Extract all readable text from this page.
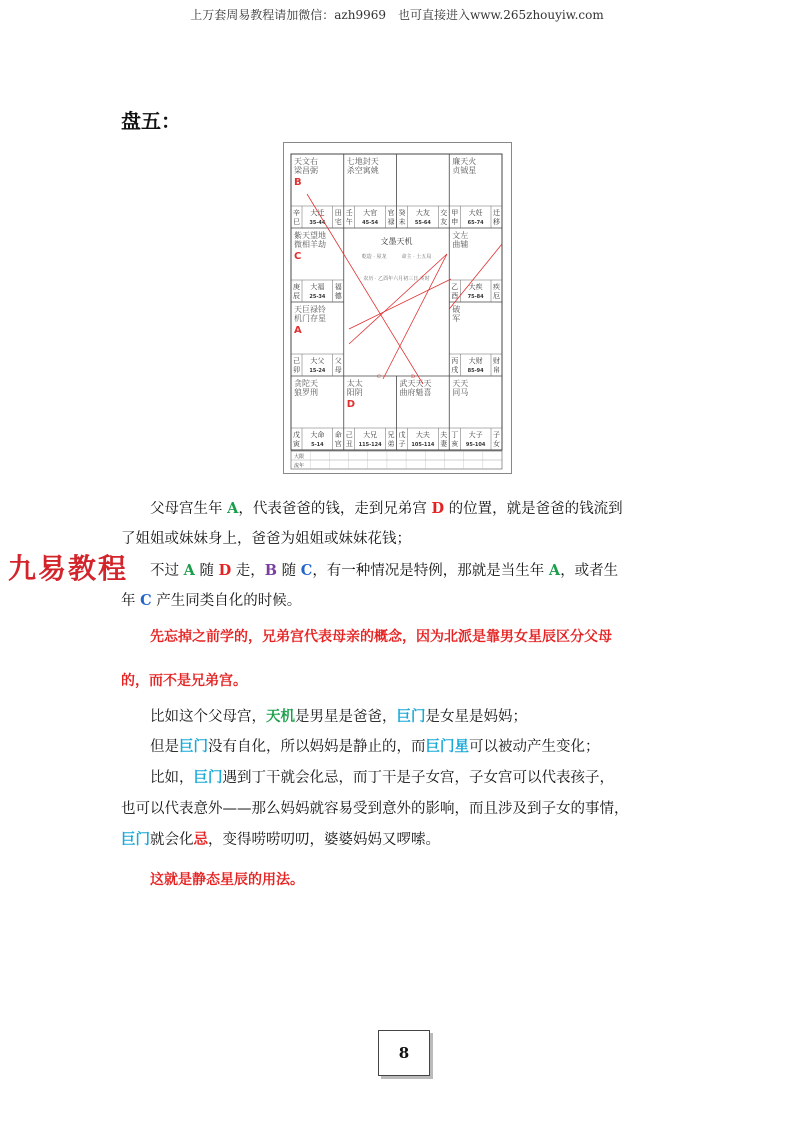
上万套周易教程请加微信：azh9969　也可直接进入www.265zhouyiw.com
盘五：
天文右
梁昌弼
B
辛
巳
大迁
35-44
田
宅
七地封天
杀空寓姚
壬
午
大官
45-54
官
禄
癸
未
大友
55-64
交
友
廉天火
贞钺星
甲
申
大妊
65-74
迁
移
紫天望地
微相羊劫
C
庚
辰
大福
25-34
福
德
文左
曲辅
乙
酉
大疾
75-84
疾
厄
天巨禄铃
机门存星
A
己
卯
大父
15-24
父
母
破
军
丙
戌
大财
85-94
财
帛
贪陀天
狼罗刑
戊
寅
大命
5-14
命
宫
太太
阳阴
D
己
丑
大兄
115-124
兄
弟
武天天天
曲府魁喜
戊
子
大夫
105-114
夫
妻
天天
同马
丁
亥
大子
95-104
子
女
文墨天机
乾造 · 屋龙　　　命主 · 土五局
农历 · 乙酉年六月初三日 亥时
C	D
大限
流年
九易教程
父母宫生年 A，代表爸爸的钱，走到兄弟宫 D 的位置，就是爸爸的钱流到
了姐姐或妹妹身上，爸爸为姐姐或妹妹花钱；
不过 A 随 D 走，B 随 C，有一种情况是特例，那就是当生年 A，或者生
年 C 产生同类自化的时候。
先忘掉之前学的，兄弟宫代表母亲的概念，因为北派是靠男女星辰区分父母
的，而不是兄弟宫。
比如这个父母宫，天机是男星是爸爸，巨门是女星是妈妈；
但是巨门没有自化，所以妈妈是静止的，而巨门星可以被动产生变化；
比如，巨门遇到丁干就会化忌，而丁干是子女宫，子女宫可以代表孩子，
也可以代表意外——那么妈妈就容易受到意外的影响，而且涉及到子女的事情，
巨门就会化忌，变得唠唠叨叨，婆婆妈妈又啰嗦。
这就是静态星辰的用法。
8
